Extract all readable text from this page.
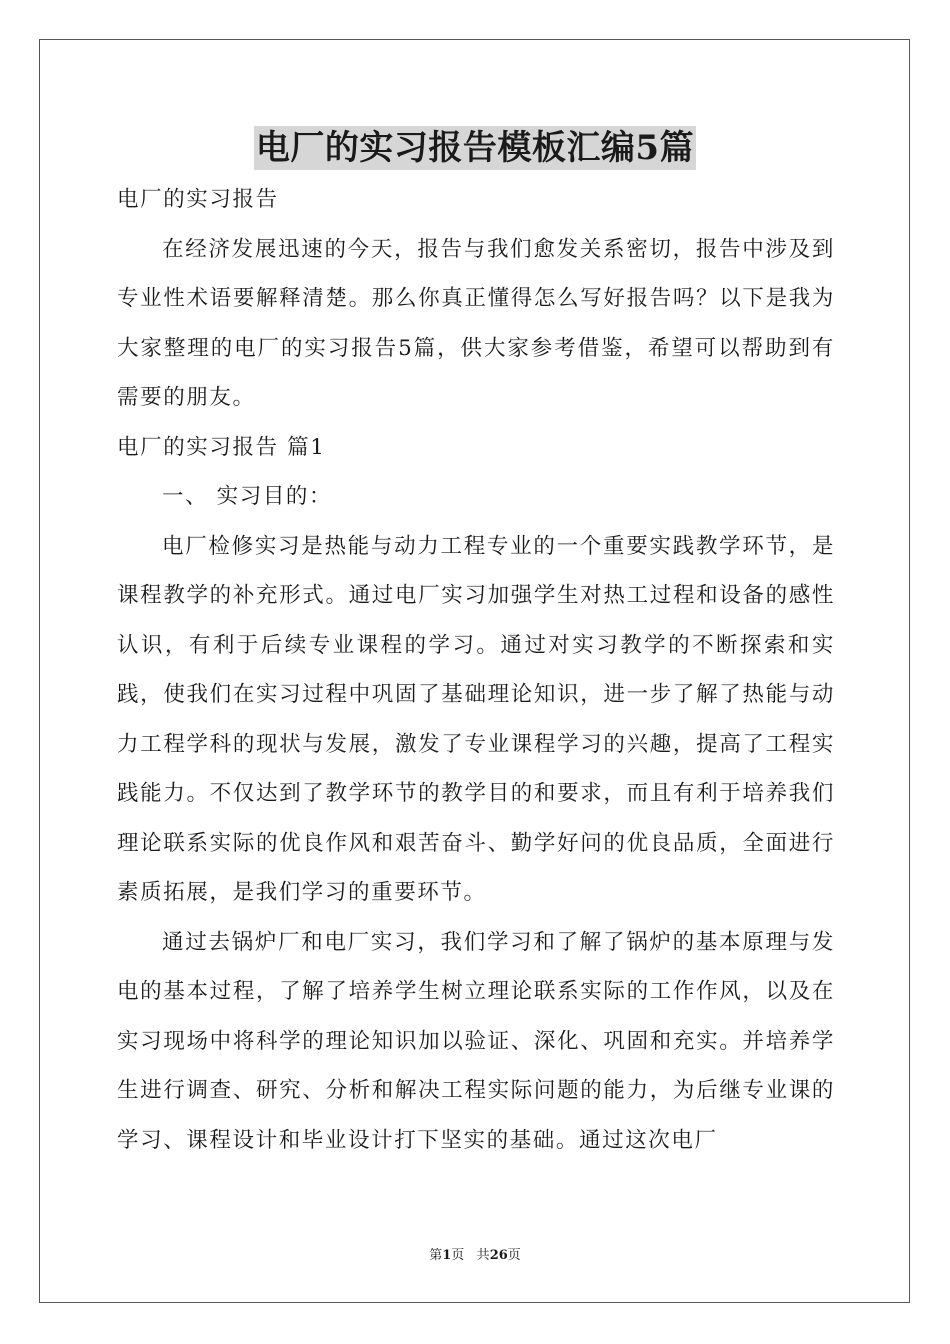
电厂的实习报告模板汇编5篇

电厂的实习报告

在经济发展迅速的今天，报告与我们愈发关系密切，报告中涉及到专业性术语要解释清楚。那么你真正懂得怎么写好报告吗？以下是我为大家整理的电厂的实习报告5篇，供大家参考借鉴，希望可以帮助到有需要的朋友。

电厂的实习报告 篇1

一、 实习目的：

电厂检修实习是热能与动力工程专业的一个重要实践教学环节，是课程教学的补充形式。通过电厂实习加强学生对热工过程和设备的感性认识，有利于后续专业课程的学习。通过对实习教学的不断探索和实践，使我们在实习过程中巩固了基础理论知识，进一步了解了热能与动力工程学科的现状与发展，激发了专业课程学习的兴趣，提高了工程实践能力。不仅达到了教学环节的教学目的和要求，而且有利于培养我们理论联系实际的优良作风和艰苦奋斗、勤学好问的优良品质，全面进行素质拓展，是我们学习的重要环节。

通过去锅炉厂和电厂实习，我们学习和了解了锅炉的基本原理与发电的基本过程，了解了培养学生树立理论联系实际的工作作风，以及在实习现场中将科学的理论知识加以验证、深化、巩固和充实。并培养学生进行调查、研究、分析和解决工程实际问题的能力，为后继专业课的学习、课程设计和毕业设计打下坚实的基础。通过这次电厂

第1页 共26页
